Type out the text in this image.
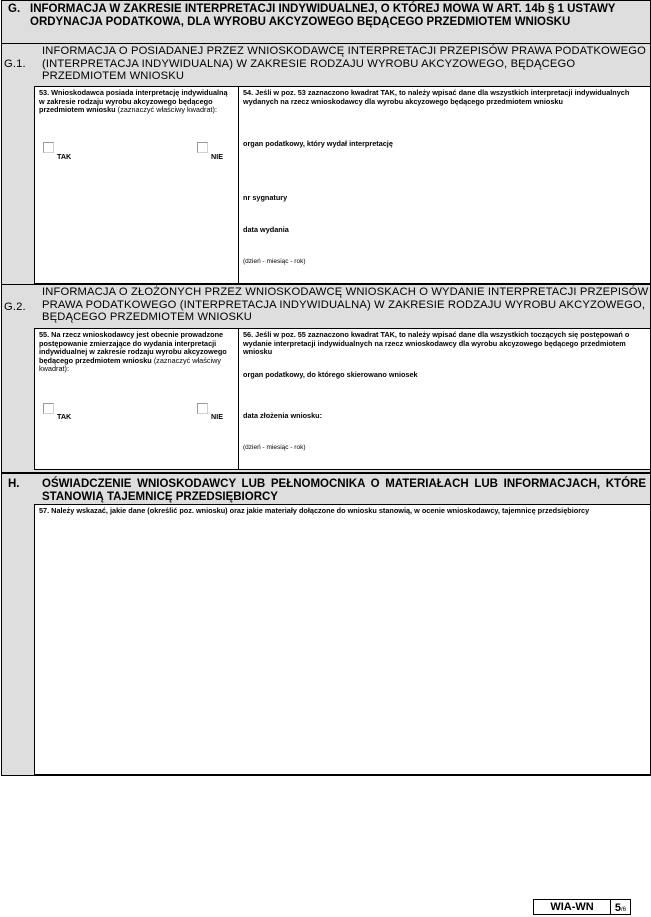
G. INFORMACJA W ZAKRESIE INTERPRETACJI INDYWIDUALNEJ, O KTÓREJ MOWA W ART. 14b § 1 USTAWY ORDYNACJA PODATKOWA, DLA WYROBU AKCYZOWEGO BĘDĄCEGO PRZEDMIOTEM WNIOSKU
G.1.
INFORMACJA O POSIADANEJ PRZEZ WNIOSKODAWCĘ INTERPRETACJI PRZEPISÓW PRAWA PODATKOWEGO (INTERPRETACJA INDYWIDUALNA) W ZAKRESIE RODZAJU WYROBU AKCYZOWEGO, BĘDĄCEGO PRZEDMIOTEM WNIOSKU
53. Wnioskodawca posiada interpretację indywidualną w zakresie rodzaju wyrobu akcyzowego będącego przedmiotem wniosku (zaznaczyć właściwy kwadrat):
TAK	NIE
54. Jeśli w poz. 53 zaznaczono kwadrat TAK, to należy wpisać dane dla wszystkich interpretacji indywidualnych wydanych na rzecz wnioskodawcy dla wyrobu akcyzowego będącego przedmiotem wniosku
organ podatkowy, który wydał interpretację
nr sygnatury
data wydania
(dzień - miesiąc - rok)
G.2.
INFORMACJA O ZŁOŻONYCH PRZEZ WNIOSKODAWCĘ WNIOSKACH O WYDANIE INTERPRETACJI PRZEPISÓW PRAWA PODATKOWEGO (INTERPRETACJA INDYWIDUALNA) W ZAKRESIE RODZAJU WYROBU AKCYZOWEGO, BĘDĄCEGO PRZEDMIOTEM WNIOSKU
55. Na rzecz wnioskodawcy jest obecnie prowadzone postępowanie zmierzające do wydania interpretacji indywidualnej w zakresie rodzaju wyrobu akcyzowego będącego przedmiotem wniosku (zaznaczyć właściwy kwadrat):
TAK	NIE
56. Jeśli w poz. 55 zaznaczono kwadrat TAK, to należy wpisać dane dla wszystkich toczących się postępowań o wydanie interpretacji indywidualnych na rzecz wnioskodawcy dla wyrobu akcyzowego będącego przedmiotem wniosku
organ podatkowy, do którego skierowano wniosek
data złożenia wniosku:
(dzień - miesiąc - rok)
H. OŚWIADCZENIE WNIOSKODAWCY LUB PEŁNOMOCNIKA O MATERIAŁACH LUB INFORMACJACH, KTÓRE STANOWIĄ TAJEMNICĘ PRZEDSIĘBIORCY
57. Należy wskazać, jakie dane (określić poz. wniosku) oraz jakie materiały dołączone do wniosku stanowią, w ocenie wnioskodawcy, tajemnicę przedsiębiorcy
WIA-WN	5/6
